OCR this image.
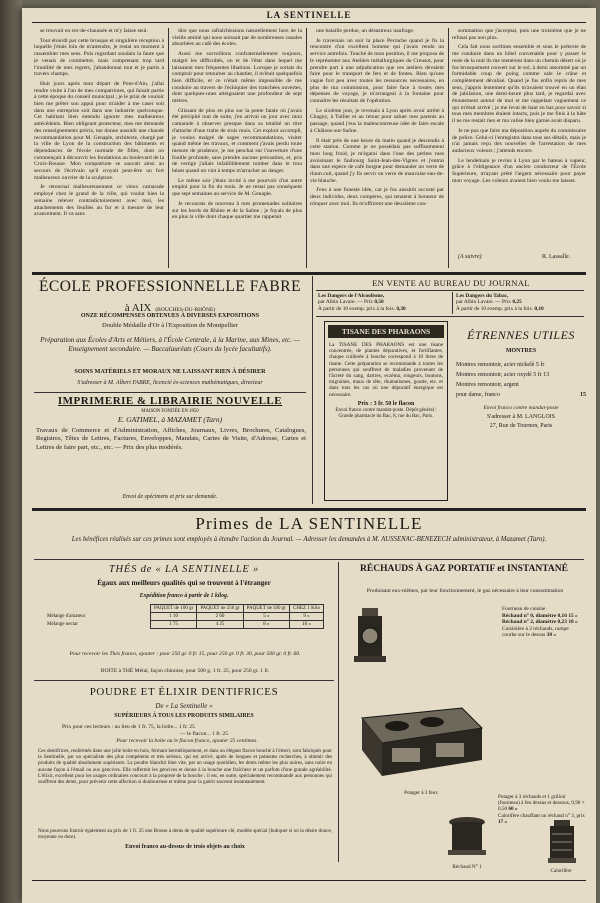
LA SENTINELLE

se trouvait en rez-de-chaussée et m'y laisse seul.

Tout étourdi par cette brusque et singulière réception à laquelle j'étais loin de m'attendre, je restai un moment à rassembler mes sens. Puis regardant soudain la faute que je venais de commettre, mais comprenant trop tard l'inutilité de mes regrets, j'abandonnai tout et je partis à travers champs.

Huit jours après mon départ de Pont-d'Ain, j'allai rendre visite à l'un de mes compatriotes, qui faisait partie à cette époque du conseil municipal ; je le priai de vouloir bien me prêter son appui pour m'aider à me caser soit dans une entreprise soit dans une industrie quelconque. Cet habitant bien entendu ignorer mes malheureux antécédents. Bien obligeant protecteur, mes me demande des renseignements précis, me donne aussitôt une chaude recommandation pour M. Genaple, architecte, chargé par la ville de Lyon de la construction des bâtiments et dépendances de l'école normale de filles, dont on commençait à découvrir les fondations au boulevard de la Croix-Rousse. Mon compatriote se sauvait ainsi au secours de l'écrivain qu'il croyait peut-être un fort malheureux ouvrier de la sculpture.

Je retournai malheureusement ce vieux camarade employé chez le grand de la ville, qui voulut bien la semaine relever contradictoirement avec moi, les attachements des feuilles au fur et à mesure de leur avancement. Il va sans

dire que nous rafraîchissions naturellement hors de la vieille amitié qui nous unissait par de nombreuses rasades absorbées au café des écoles.

Aussi me surveillons confraternellement toujours, malgré les difficultés, on et de l'état dans lequel me laissaient mes fréquentes libations. Lorsque je sortais du comptoir pour retourner au chantier, il m'était quelquefois bien difficile, et ce n'était même impossible de me conduire au travers de l'échiquier des tranchées ouvertes, dont quelques-unes atteignaient une profondeur de sept mètres.

Glissant de plus en plus sur la pente fatale où j'avais été précipité tout de suite, j'en arrivai un jour avec mon camarade à observer presque dans sa totalité un titre d'attache d'une traite de trois mois. Cet exploit accompli, je voulus malgré de sages recommandations, visiter quand même les travaux, et comment j'avais perdu toute mesure de prudence, je me penchai sur l'ouverture d'une fouille profonde, sans prendre aucune précaution, et, pris de vertige j'allais infailliblement tomber dans le trou béant quand on vint à temps m'arracher au danger.

Le même soir j'étais invité à me pourvoir d'un autre emploi pour la fin du mois. Je ne restai pas conséquent que sept semaines au service de M. Genaple.

Je recourais de nouveau à mes promenades solitaires sur les bords du Rhône et de la Saône ; je fuyais de plus en plus la ville dont chaque quartier me rappelait

une bataille perdue, un désastreux naufrage.

Je traversais un soir la place Perrache quand je fis la rencontre d'un excellent homme qui j'avais rendu un service autrefois. Touché de mon position, il me proposa de le représenter aux Ateliers métallurgiques du Creusot, pour prendre part à une adjudication que ces ateliers devaient faire pour le transport de fers et de fontes. Rien qu'une vague fort peu avec toutes les ressources nécessaires, en plus de ma commission, pour faire face à toutes mes dépenses de voyage, je m'arrangeai à la fontaine pour connaître les résultats de l'opération.

Le sixième jour, je revenais à Lyon après avoir arrêté à Chagny, à Tullier et au retour pour saluer mes parents au passage, quand j'eus la malencontreuse idée de faire escale à Châlons-sur-Saône.

Il était près de une heure du matin quand je descendis à cette station. Comme je ne possédais pas suffisamment mon long froid, je m'égarai dans l'une des petites rues avoisinant le faubourg Saint-Jean-des-Vignes et j'entrai dans une espèce de café borgne pour demander un verre de rhum cuit, quand j'y fis servir un verre de mauvaise eau-de-vie blanche.

J'eus à une funeste idée, car je fus aussitôt accosté par deux individus, deux compères, qui tenaient à honneur de trinquer avec moi. Ils m'offrirent une deuxième con-

sommation que j'acceptai, puis une troisième que je ne refusai pas non plus.

Cela fait nous sortîmes ensemble et sous le prétexte de me conduire dans un hôtel convenable pour y passer le reste de la nuit ils me menèrent dans un chemin désert où je fus brusquement couvert sur le sol, à demi assommé par un formidable coup de poing comme sale le crâne et complètement dévalisé. Quand je fus enfin repris de mes sens, j'appris lentement qu'ils m'avaient trouvé en un élan de jubilation, une demi-heure plus tard, je regardai avec étonnement autour de moi et me rappelant vaguement ce qui m'était arrivé ; je me levai de haut en bas pour savoir si tous mes membres étaient intacts, puis je me finis à la hâte il ne me restait rien et ma valise bien garnie avait disparu.

Je ne pus que faire ma déposition auprès du commissaire de police. Celui-ci l'enregistra dans tous ses détails, mais je n'ai jamais reçu des nouvelles de l'arrestation de mes audacieux voleurs ; j'attends encore.

Le lendemain je revins à Lyon par le bateau à vapeur, grâce à l'obligeance d'un ancien conducteur de l'École Supérieure, m'ayant prêté l'argent nécessaire pour payer mon voyage. Les voleurs avaient bien voulu me laisser.

(A suivre)	R. Lassalle.
ÉCOLE PROFESSIONNELLE FABRE
à AIX (BOUCHES-DU-RHÔNE)
ONZE RÉCOMPENSES OBTENUES À DIVERSES EXPOSITIONS
Double Médaille d'Or à l'Exposition de Montpellier
Préparation aux Écoles d'Arts et Métiers, à l'École Centrale, à la Marine, aux Mines, etc. — Enseignement secondaire. — Baccalauréats (Cours du lycée facultatifs).
SOINS MATÉRIELS ET MORAUX NE LAISSANT RIEN À DÉSIRER
S'adresser à M. Albert FABRE, licencié ès-sciences mathématiques, directeur
IMPRIMERIE & LIBRAIRIE NOUVELLE
MAISON FONDÉE EN 1850
E. GATIMEL, à MAZAMET (Tarn)
Travaux de Commerce et d'Administration, Affiches, Journaux, Livres, Brochures, Catalogues, Registres, Têtes de Lettres, Factures, Enveloppes, Mandats, Cartes de Visite, d'Adresse, Cartes et Lettres de faire part, etc., etc. — Prix des plus modérés.
Envoi de spécimens et prix sur demande.
EN VENTE AU BUREAU DU JOURNAL
Les Dangers de l'Alcoolisme,
par Albin Lavare. — Prix 0,50
À partir de 10 exemp. prix à la fois. 0,30
Les Dangers du Tabac,
par Albin Lavare. — Prix 0,25
À partir de 10 exemp. prix à la fois. 0,10
TISANE DES PHARAONS
La TISANE DES PHARAONS est une tisane concentrée, de plantes dépuratives, et fortifiantes, chaque cuillerée à bouche correspond à 10 litres de tisane. Cette préparation se recommande à toutes les personnes qui souffrent de maladies provenant de l'âcreté du sang, dartres, eczéma, rougeurs, boutons, migraines, maux de tête, rhumatismes, goutte, etc. et dans tous les cas où une dépuratif énergique est nécessaire.
Prix : 3 fr. 50 le flacon
Envoi franco contre mandat-poste. Dépôt général : Grande pharmacie du Bac, 8, rue du Bac, Paris.
ÉTRENNES UTILES
MONTRES
Montres remontoir, acier nickelé 5 fr
Montres remontoir, acier oxydé 5 fr 13
Montres remontoir, argent
pour dame, franco	15
Envoi franco contre mandat-poste
S'adresser à M. LANGLOIS
27, Rue de Tournon, Paris
Primes de LA SENTINELLE
Les bénéfices réalisés sur ces primes sont employés à étendre l'action du Journal. — Adresser les demandes à M. AUSSENAC-BENEZECH administrateur, à Mazamet (Tarn).
THÉS de « LA SENTINELLE »
Égaux aux meilleurs qualités qui se trouvent à l'étranger
Expédition franco à partir de 1 kilog.
	PAQUET de 100 gr	PAQUET de 250 gr	PAQUET de 500 gr	CHEZ 1 Kilo
Mélange d'amateur	1 10	2 60	5 »	9 »
Mélange nectar	1 75	4 25	8 »	16 »
Pour recevoir les Thés franco, ajouter : pour 250 gr. 0 fr. 15, pour 250 gr. 0 fr. 30, pour 500 gr. 0 fr. 60.
BOITE à THÉ Métal, façon chinoise, pour 500 g. 1 fr. 25, pour 250 gr. 1 fr.
POUDRE ET ÉLIXIR DENTIFRICES
De « La Sentinelle »
SUPÉRIEURS À TOUS LES PRODUITS SIMILAIRES
Prix pour ces lecteurs : au lieu de 1 fr. 75, la boîte... 1 fr. 25
— le flacon... 1 fr. 25
Pour recevoir la boîte ou le flacon franco, ajouter 25 centimes.
Ces dentifrices, renfermés dans une jolie boîte en bois, fermant hermétiquement, et dans un élégant flacon bouché à l'émeri, sont fabriqués pour la Sentinelle, par un spécialiste des plus compétents et très sérieux, qui est arrivé, après de longues et patientes recherches, à obtenir des produits de qualité absolument supérieure. La poudre blanchit bien vite, par un usage quotidien, les dents même les plus noires, sans nuire en aucune façon à l'émail ou aux gencives. Elle raffermit les gencives et donne à la bouche une fraîcheur et un parfum d'une grande agréabilité. L'élixir, excellent pour les usages ordinaires concourt à la propreté de la bouche ; il est, en outre, spécialement recommandé aux personnes qui souffrent des dents, pour prévenir cette affection si douloureuse et même pour la guérir souvent instantanément.
Nous pourrons fournir également au prix de 1 fr. 25 une Brosse à dents de qualité supérieure clé, modèle spécial (Indiquer si on la désire douce, moyenne ou dure).
Envoi franco au-dessus de trois objets au choix
RÉCHAUDS À GAZ PORTATIF et INSTANTANÉ
Produisant eux-mêmes, par leur fonctionnement, le gaz nécessaire à leur consommation
Potager à 3 feux
Fourneau de cuisine
Réchaud n° 0, diamètre 0,16 15 »
Réchaud n° 2, diamètre 0,23 18 »
Cuisinière à 2 réchauds, rampe courbe sur le dessus 30 »
Potager à 3 réchauds et 1 grilloir (fourneau) à feu dessus et dessous, 0,90 × 0,50 60 »
Calorifère chauffant un réchaud n° 3, prix 17 »
Réchaud N° 1
Calorifère
